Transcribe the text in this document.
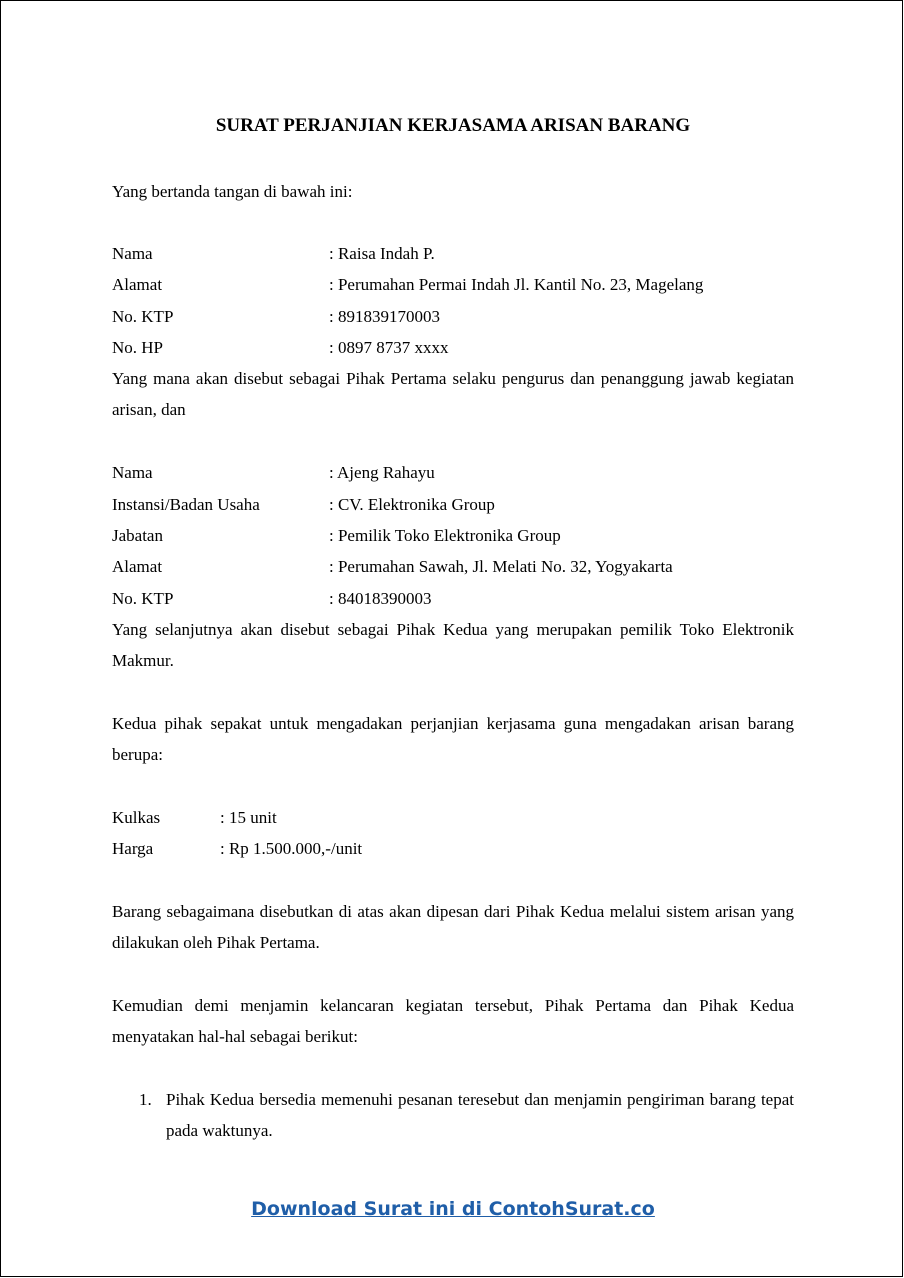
SURAT PERJANJIAN KERJASAMA ARISAN BARANG
Yang bertanda tangan di bawah ini:
Nama	: Raisa Indah P.
Alamat	: Perumahan Permai Indah Jl. Kantil No. 23, Magelang
No. KTP	: 891839170003
No. HP	: 0897 8737 xxxx

Yang mana akan disebut sebagai Pihak Pertama selaku pengurus dan penanggung jawab kegiatan arisan, dan

Nama	: Ajeng Rahayu
Instansi/Badan Usaha	: CV. Elektronika Group
Jabatan	: Pemilik Toko Elektronika Group
Alamat	: Perumahan Sawah, Jl. Melati No. 32, Yogyakarta
No. KTP	: 84018390003

Yang selanjutnya akan disebut sebagai Pihak Kedua yang merupakan pemilik Toko Elektronik Makmur.

Kedua pihak sepakat untuk mengadakan perjanjian kerjasama guna mengadakan arisan barang berupa:

Kulkas	: 15 unit
Harga	: Rp 1.500.000,-/unit

Barang sebagaimana disebutkan di atas akan dipesan dari Pihak Kedua melalui sistem arisan yang dilakukan oleh Pihak Pertama.

Kemudian demi menjamin kelancaran kegiatan tersebut, Pihak Pertama dan Pihak Kedua menyatakan hal-hal sebagai berikut:

1. Pihak Kedua bersedia memenuhi pesanan teresebut dan menjamin pengiriman barang tepat pada waktunya.

Download Surat ini di ContohSurat.co
